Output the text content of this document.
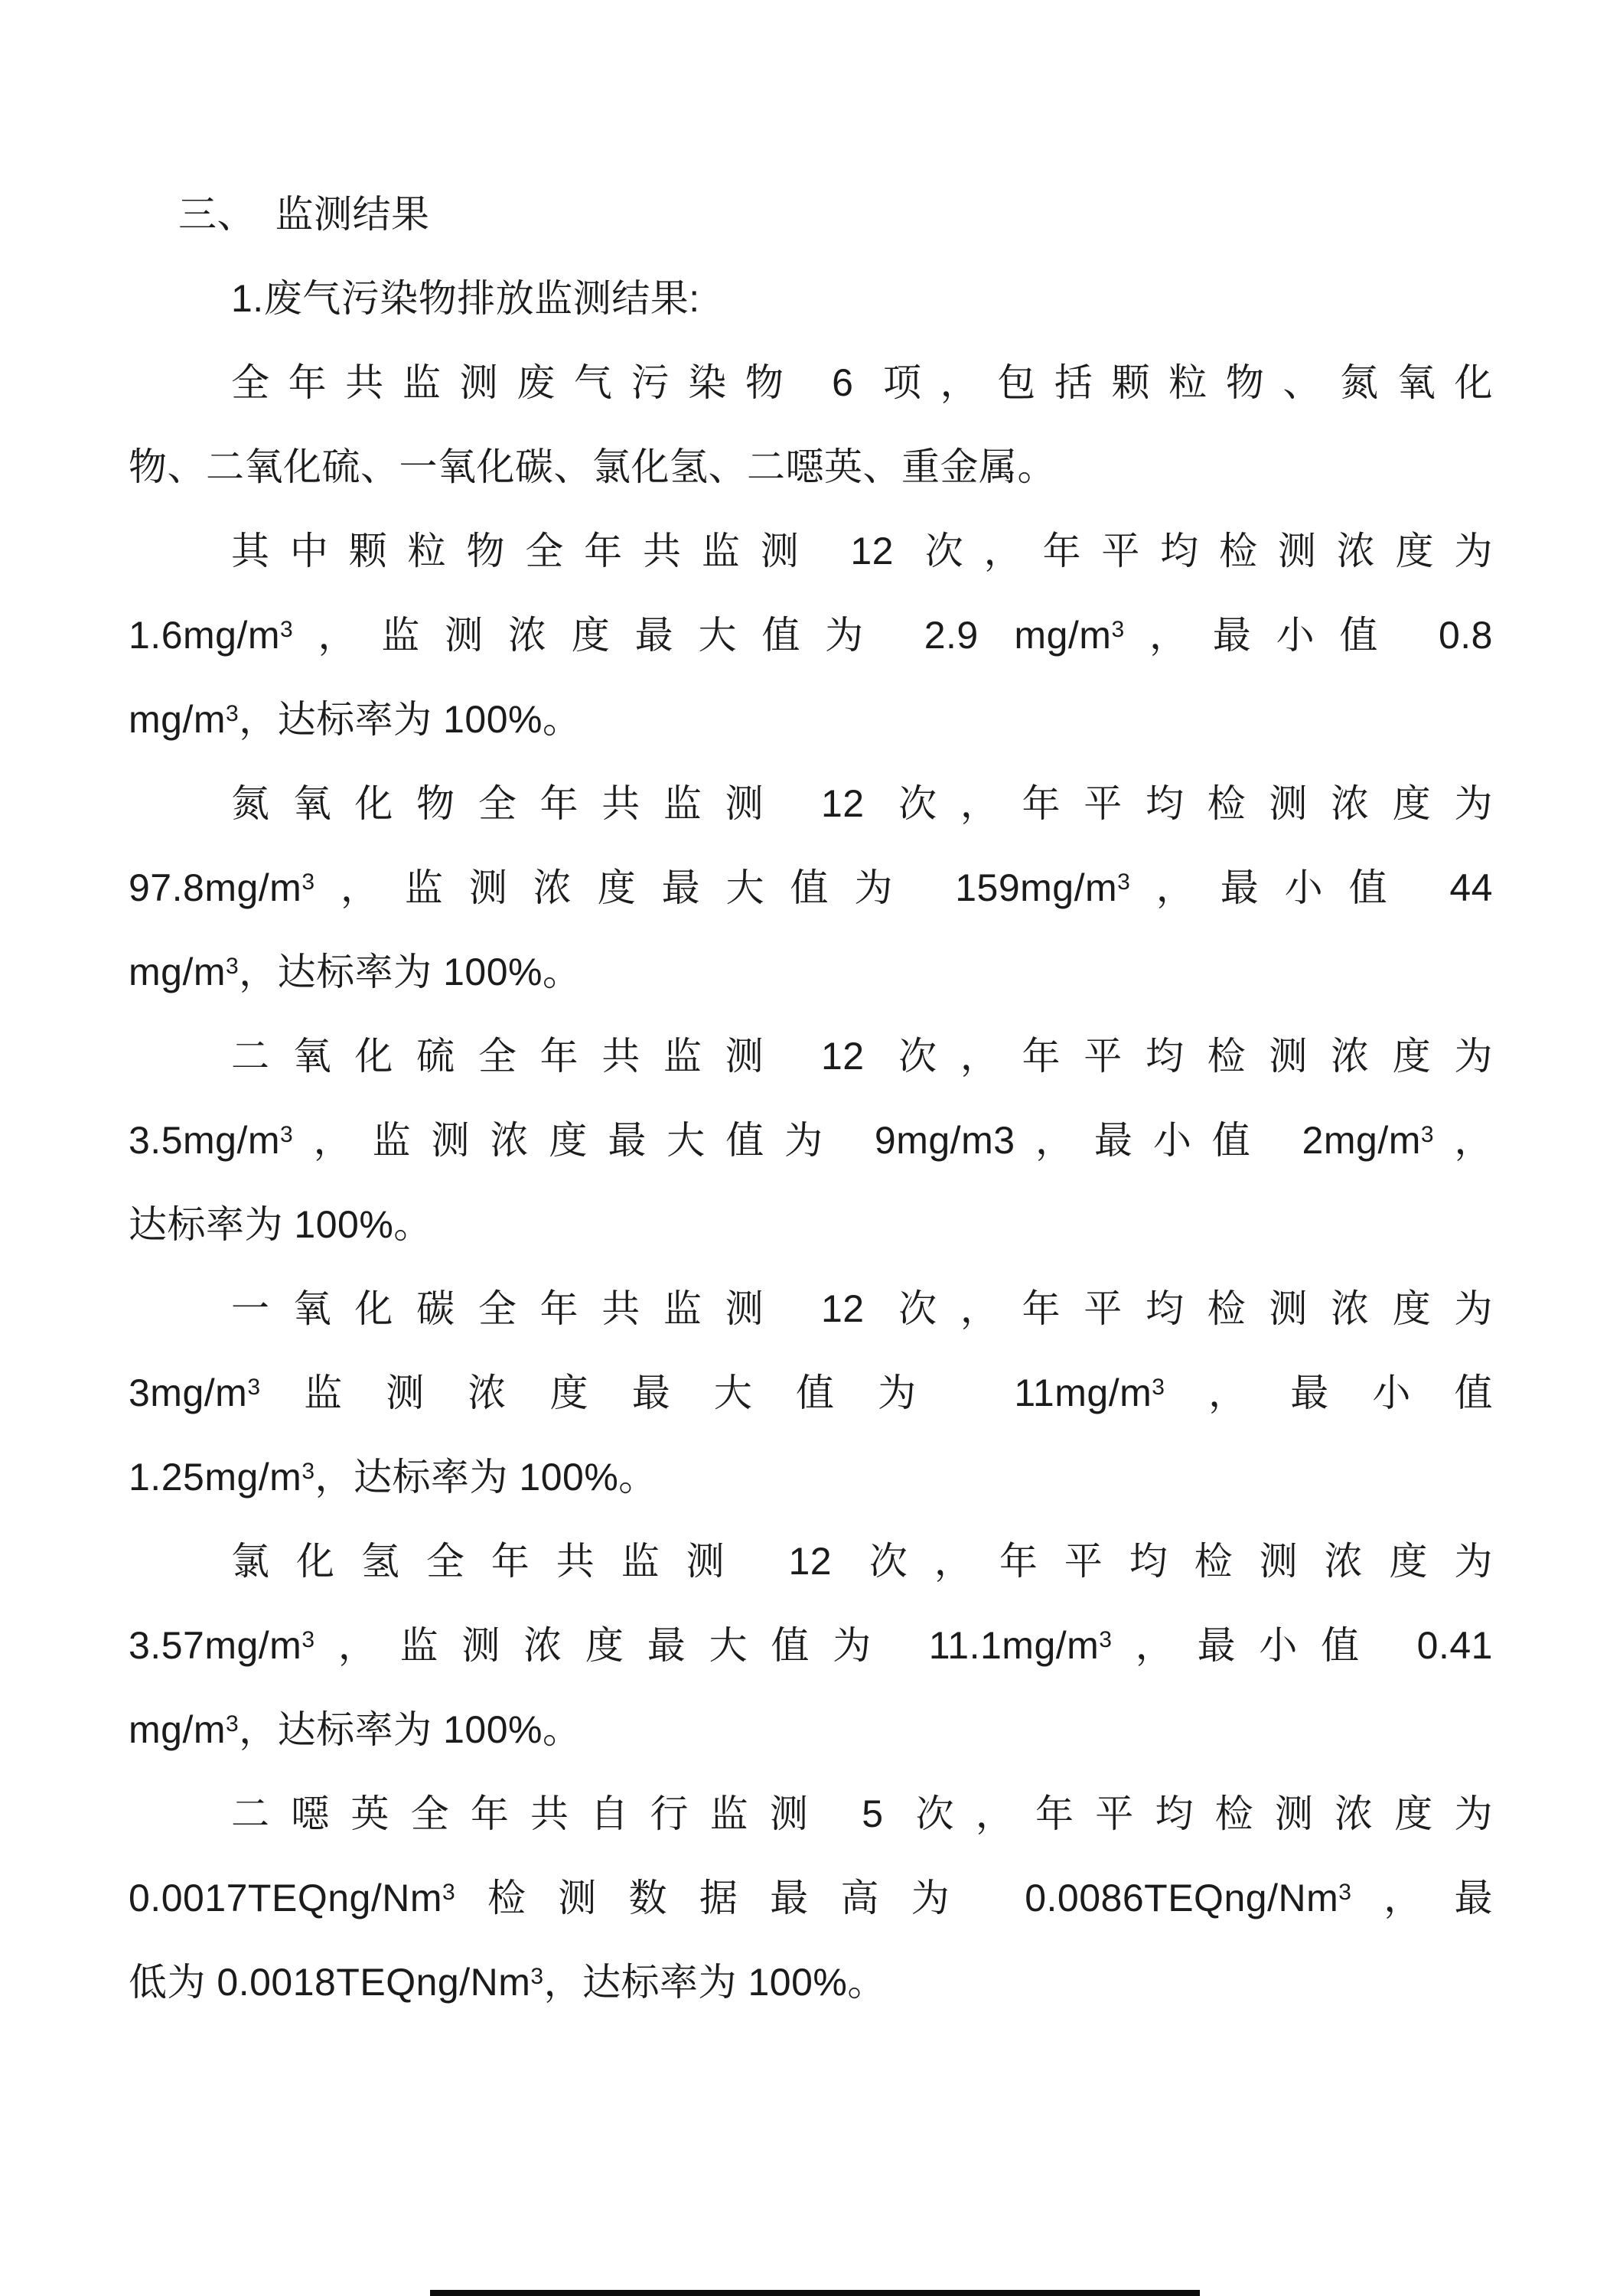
三、　监测结果
1.废气污染物排放监测结果:
全年共监测废气污染物 6 项，包括颗粒物、氮氧化
物、二氧化硫、一氧化碳、氯化氢、二噁英、重金属。
其中颗粒物全年共监测 12 次，年平均检测浓度为
$1.6mg/m^3$，监测浓度最大值为 2.9 $mg/m^3$，最小值 0.8
$mg/m^3$，达标率为 100%。
氮氧化物全年共监测 12 次，年平均检测浓度为
$97.8mg/m^3$，监测浓度最大值为 $159mg/m^3$，最小值 44
$mg/m^3$，达标率为 100%。
二氧化硫全年共监测 12 次，年平均检测浓度为
$3.5mg/m^3$，监测浓度最大值为 9mg/m3，最小值 $2mg/m^3$，
达标率为 100%。
一氧化碳全年共监测 12 次，年平均检测浓度为
$3mg/m^3$监测浓度最大值为 $11mg/m^3$，最小值
$1.25mg/m^3$，达标率为 100%。
氯化氢全年共监测 12 次，年平均检测浓度为
$3.57mg/m^3$，监测浓度最大值为 $11.1mg/m^3$，最小值 0.41
$mg/m^3$，达标率为 100%。
二噁英全年共自行监测 5 次，年平均检测浓度为
0.0017TEQng/Nm$^3$检测数据最高为 0.0086TEQng/Nm$^3$，最
低为 0.0018TEQng/Nm$^3$，达标率为 100%。
